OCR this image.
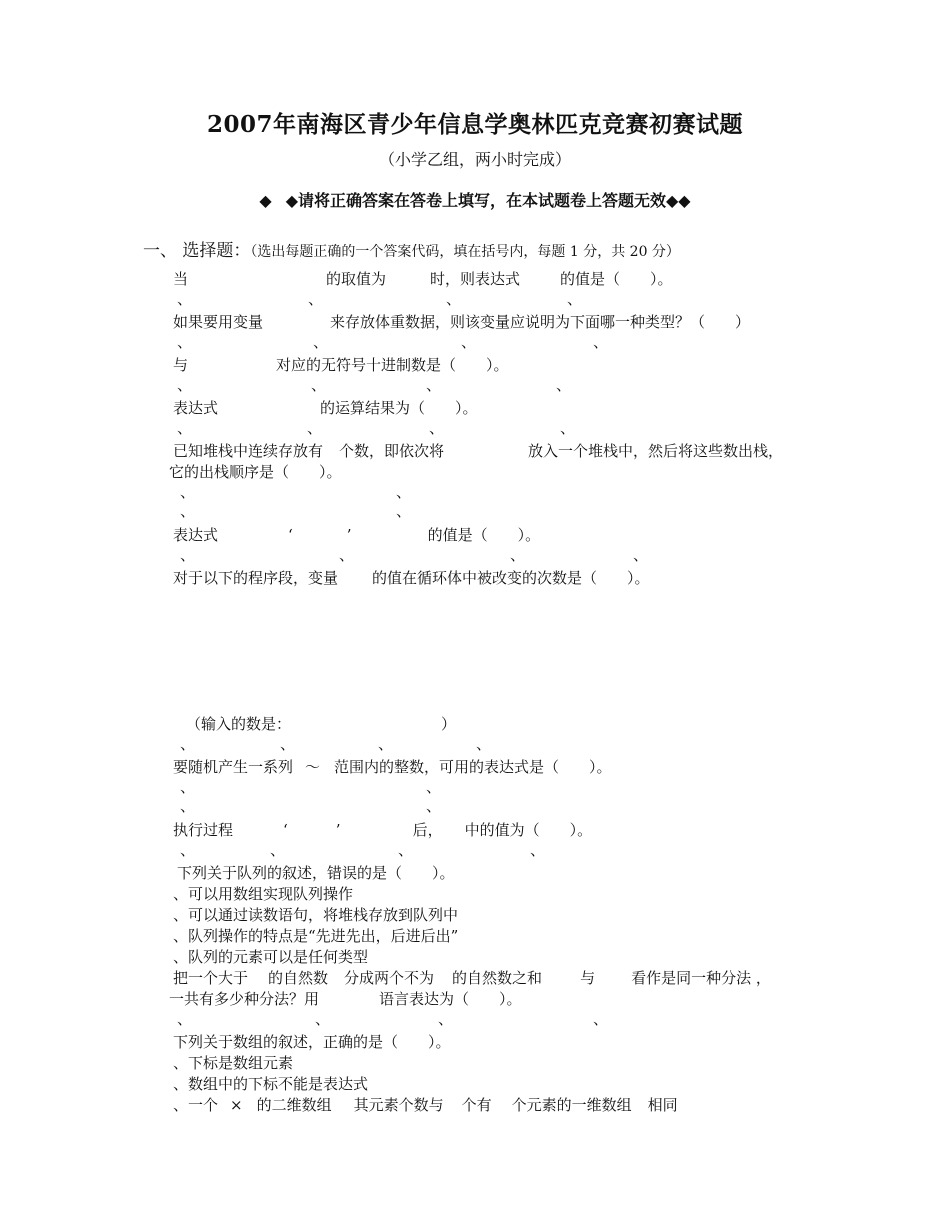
2007年南海区青少年信息学奥林匹克竞赛初赛试题
（小学乙组，两小时完成）
◆ ◆请将正确答案在答卷上填写，在本试题卷上答题无效◆◆
一、 选择题：（选出每题正确的一个答案代码，填在括号内，每题 1 分，共 20 分）
当	的取值为	时，则表达式	的值是（　　）。
、	、	、	、
如果要用变量	来存放体重数据，则该变量应说明为下面哪一种类型？（　　）
、	、	、	、
与	对应的无符号十进制数是（　　）。
、	、	、	、
表达式	的运算结果为（　　）。
、	、	、	、
已知堆栈中连续存放有 个数，即依次将	放入一个堆栈中，然后将这些数出栈，
它的出栈顺序是（　　）。
、	、
、	、
表达式	‘	’	的值是（　　）。
、	、	、	、
对于以下的程序段，变量 的值在循环体中被改变的次数是（　　）。
（输入的数是：	）
、	、	、	、
要随机产生一系列 ～ 范围内的整数，可用的表达式是（　　）。
、	、
、	、
执行过程	‘	’	后， 中的值为（　　）。
、	、	、	、
下列关于队列的叙述，错误的是（　　）。
、可以用数组实现队列操作
、可以通过读数语句，将堆栈存放到队列中
、队列操作的特点是“先进先出，后进后出”
、队列的元素可以是任何类型
把一个大于 的自然数 分成两个不为 的自然数之和	与 看作是同一种分法 ，
一共有多少种分法？用	语言表达为（　　）。
、	、	、	、
下列关于数组的叙述，正确的是（　　）。
、下标是数组元素
、数组中的下标不能是表达式
、一个 × 的二维数组 其元素个数与 个有 个元素的一维数组 相同
